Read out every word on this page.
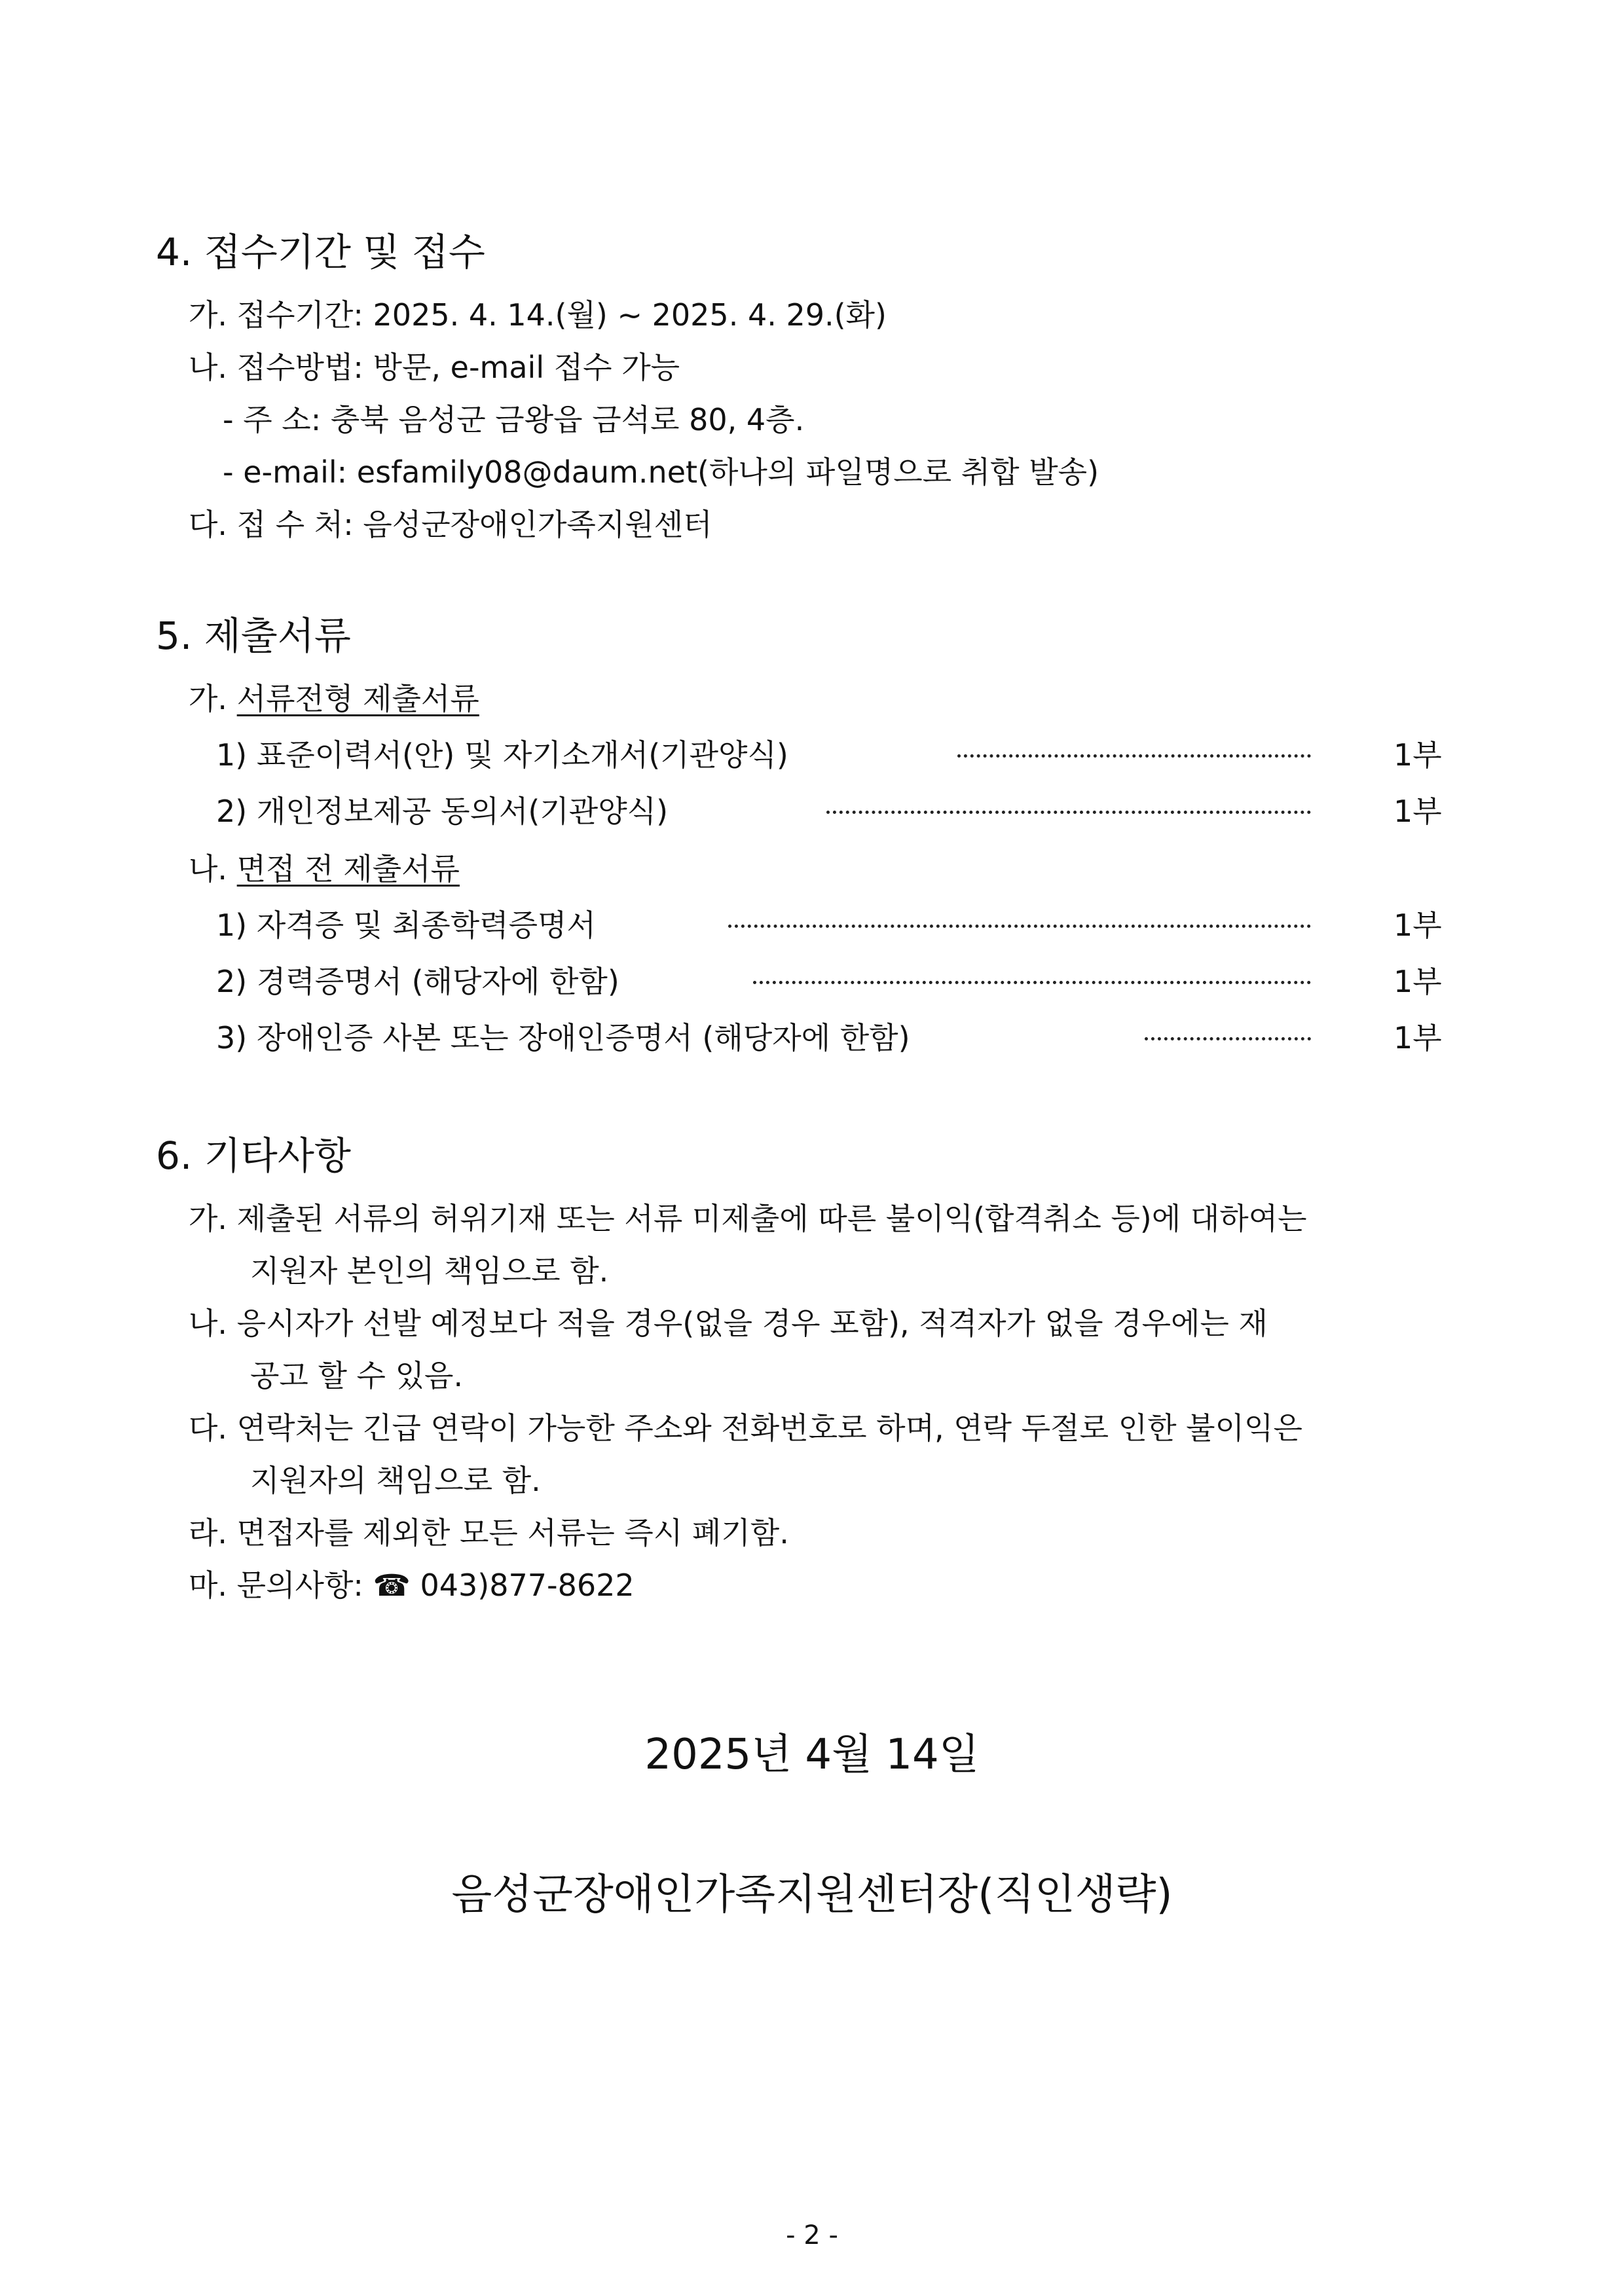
4. 접수기간 및 접수
가. 접수기간: 2025. 4. 14.(월) ~ 2025. 4. 29.(화)
나. 접수방법: 방문, e-mail 접수 가능
- 주 소: 충북 음성군 금왕읍 금석로 80, 4층.
- e-mail: esfamily08@daum.net(하나의 파일명으로 취합 발송)
다. 접 수 처: 음성군장애인가족지원센터
5. 제출서류
가. 서류전형 제출서류
1) 표준이력서(안) 및 자기소개서(기관양식)	1부
2) 개인정보제공 동의서(기관양식)	1부
나. 면접 전 제출서류
1) 자격증 및 최종학력증명서	1부
2) 경력증명서 (해당자에 한함)	1부
3) 장애인증 사본 또는 장애인증명서 (해당자에 한함)	1부
6. 기타사항
가. 제출된 서류의 허위기재 또는 서류 미제출에 따른 불이익(합격취소 등)에 대하여는
지원자 본인의 책임으로 함.
나. 응시자가 선발 예정보다 적을 경우(없을 경우 포함), 적격자가 없을 경우에는 재
공고 할 수 있음.
다. 연락처는 긴급 연락이 가능한 주소와 전화번호로 하며, 연락 두절로 인한 불이익은
지원자의 책임으로 함.
라. 면접자를 제외한 모든 서류는 즉시 폐기함.
마. 문의사항: ☎ 043)877-8622
2025년 4월 14일
음성군장애인가족지원센터장(직인생략)
- 2 -
